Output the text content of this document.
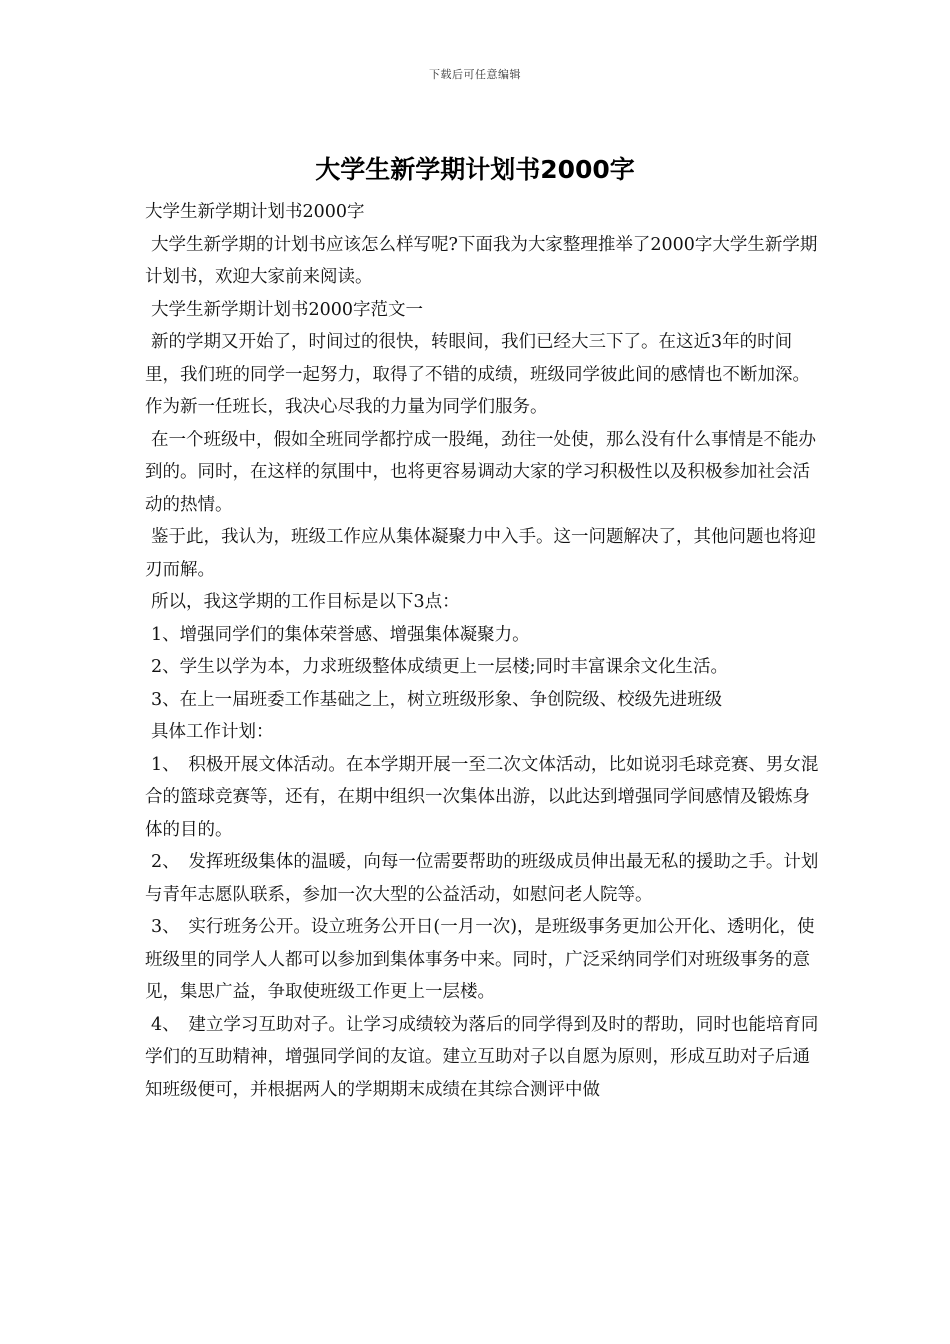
下载后可任意编辑
大学生新学期计划书2000字

大学生新学期计划书2000字

大学生新学期的计划书应该怎么样写呢?下面我为大家整理推举了2000字大学生新学期计划书，欢迎大家前来阅读。

大学生新学期计划书2000字范文一

新的学期又开始了，时间过的很快，转眼间，我们已经大三下了。在这近3年的时间里，我们班的同学一起努力，取得了不错的成绩，班级同学彼此间的感情也不断加深。作为新一任班长，我决心尽我的力量为同学们服务。

在一个班级中，假如全班同学都拧成一股绳，劲往一处使，那么没有什么事情是不能办到的。同时，在这样的氛围中，也将更容易调动大家的学习积极性以及积极参加社会活动的热情。

鉴于此，我认为，班级工作应从集体凝聚力中入手。这一问题解决了，其他问题也将迎刃而解。

所以，我这学期的工作目标是以下3点：

1、增强同学们的集体荣誉感、增强集体凝聚力。

2、学生以学为本，力求班级整体成绩更上一层楼;同时丰富课余文化生活。

3、在上一届班委工作基础之上，树立班级形象、争创院级、校级先进班级

具体工作计划：

1、　积极开展文体活动。在本学期开展一至二次文体活动，比如说羽毛球竞赛、男女混合的篮球竞赛等，还有，在期中组织一次集体出游，以此达到增强同学间感情及锻炼身体的目的。

2、　发挥班级集体的温暖，向每一位需要帮助的班级成员伸出最无私的援助之手。计划与青年志愿队联系，参加一次大型的公益活动，如慰问老人院等。

3、　实行班务公开。设立班务公开日(一月一次)，是班级事务更加公开化、透明化，使班级里的同学人人都可以参加到集体事务中来。同时，广泛采纳同学们对班级事务的意见，集思广益，争取使班级工作更上一层楼。

4、　建立学习互助对子。让学习成绩较为落后的同学得到及时的帮助，同时也能培育同学们的互助精神，增强同学间的友谊。建立互助对子以自愿为原则，形成互助对子后通知班级便可，并根据两人的学期期末成绩在其综合测评中做
